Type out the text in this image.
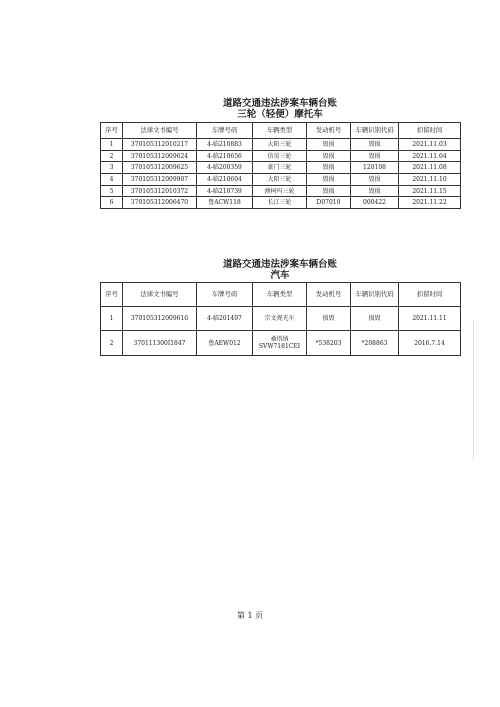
道路交通违法涉案车辆台账
三轮（轻便）摩托车
序号	法律文书编号	车牌号码	车辆类型	发动机号	车辆识别代码	扣留时间
1	370105312010217	4-临210883	大阳三轮	毁损	毁损	2021.11.03
2	370105312009624	4-临210656	信昊三轮	毁损	毁损	2021.11.04
3	370105312009625	4-临200359	豪门三轮	毁损	120108	2021.11.08
4	370105312009907	4-临210604	大阳三轮	毁损	毁损	2021.11.10
5	370105312010372	4-临210739	澳柯玛三轮	毁损	毁损	2021.11.15
6	370105312006470	鲁ACW118	长江三轮	D07010	000422	2021.11.22
道路交通违法涉案车辆台账
汽车
序号	法律文书编号	车牌号码	车辆类型	发动机号	车辆识别代码	扣留时间
1	370105312009616	4-临201497	宗文观光车	损毁	损毁	2021.11.11
2	370111300I1847	鲁AEW012	桑塔纳
SVW7181CEI	*538203	*208863	2016.7.14
第 1 页
